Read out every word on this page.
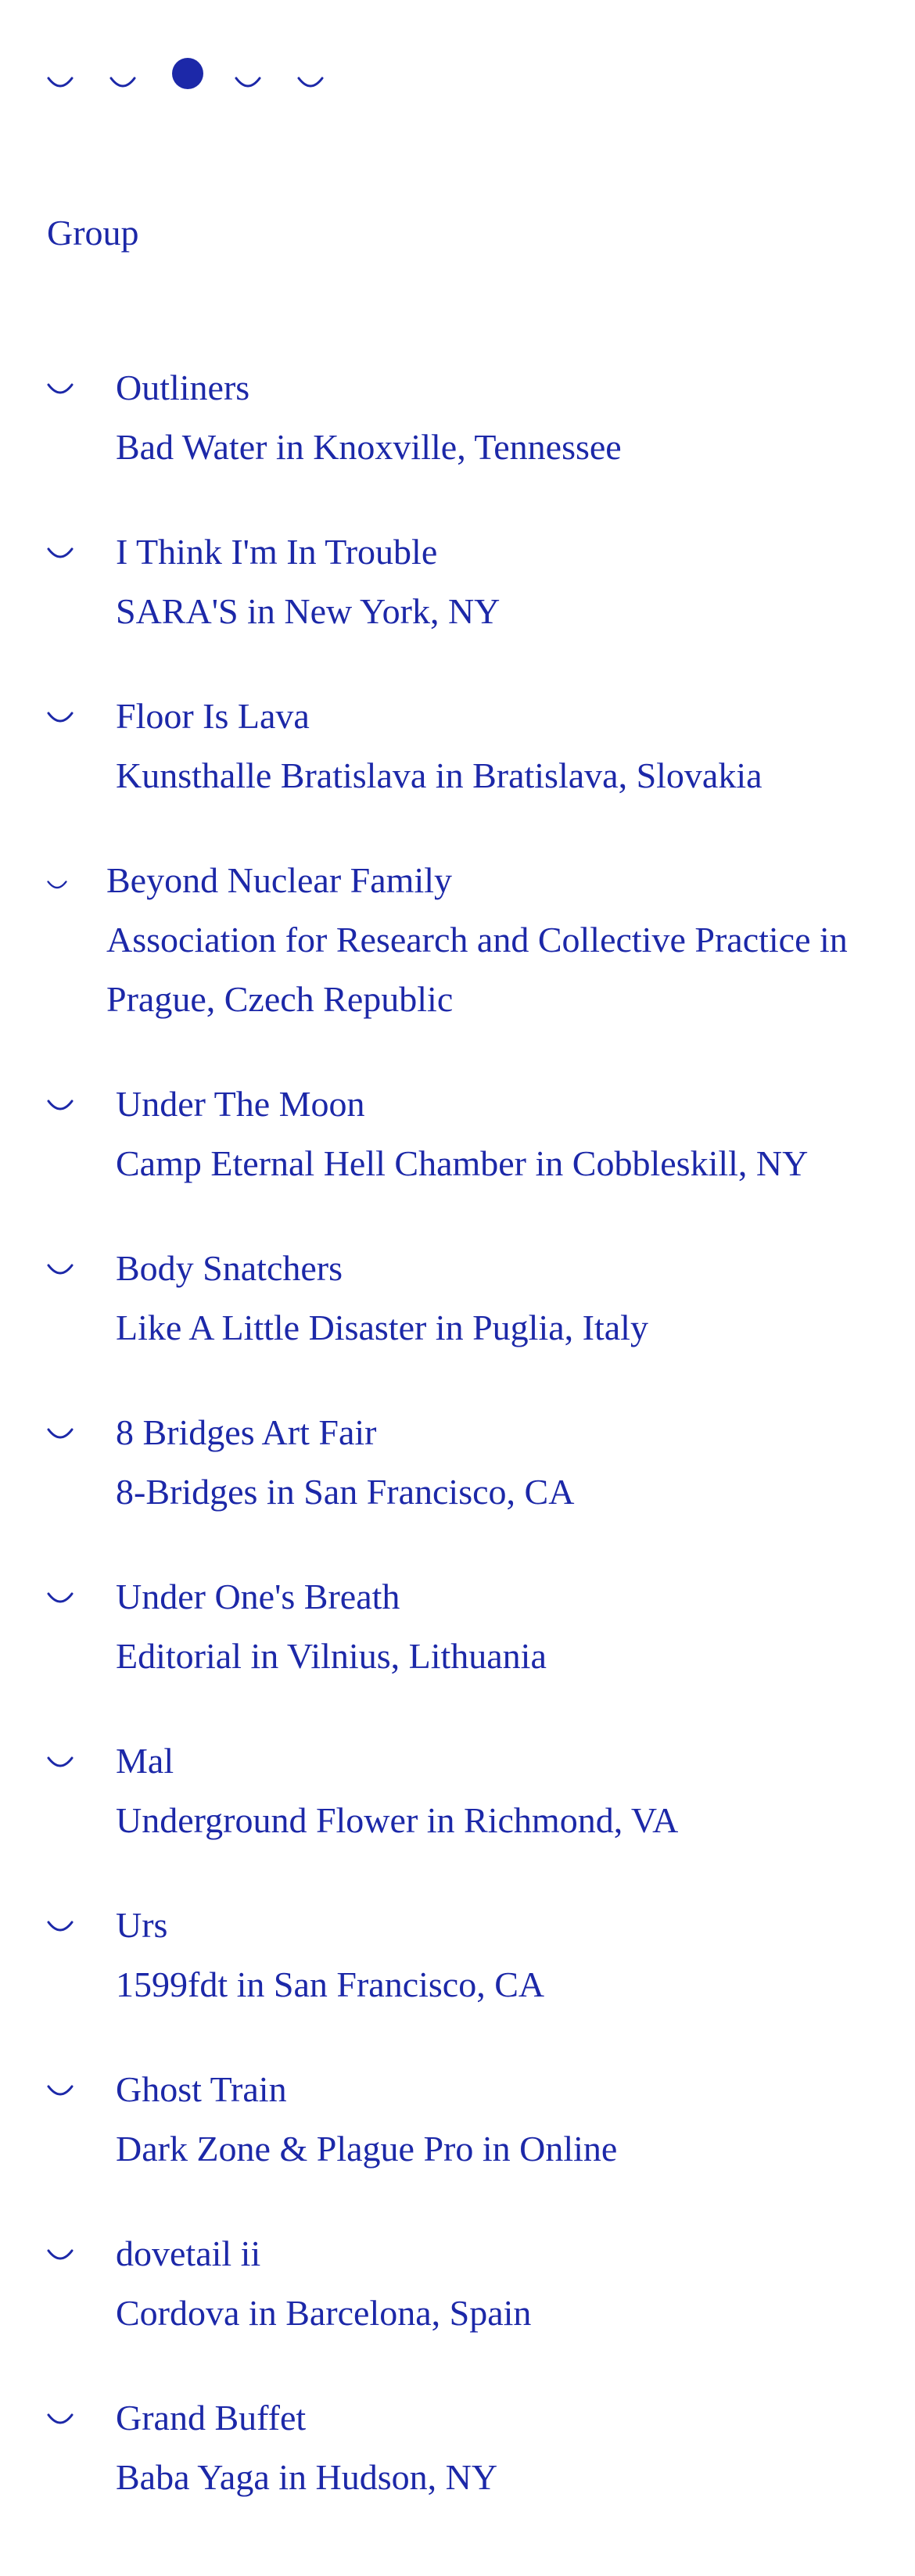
Group
Outliners
Bad Water in Knoxville, Tennessee
I Think I'm In Trouble
SARA'S in New York, NY
Floor Is Lava
Kunsthalle Bratislava in Bratislava, Slovakia
Beyond Nuclear Family
Association for Research and Collective Practice in Prague, Czech Republic
Under The Moon
Camp Eternal Hell Chamber in Cobbleskill, NY
Body Snatchers
Like A Little Disaster in Puglia, Italy
8 Bridges Art Fair
8-Bridges in San Francisco, CA
Under One's Breath
Editorial in Vilnius, Lithuania
Mal
Underground Flower in Richmond, VA
Urs
1599fdt in San Francisco, CA
Ghost Train
Dark Zone & Plague Pro in Online
dovetail ii
Cordova in Barcelona, Spain
Grand Buffet
Baba Yaga in Hudson, NY
